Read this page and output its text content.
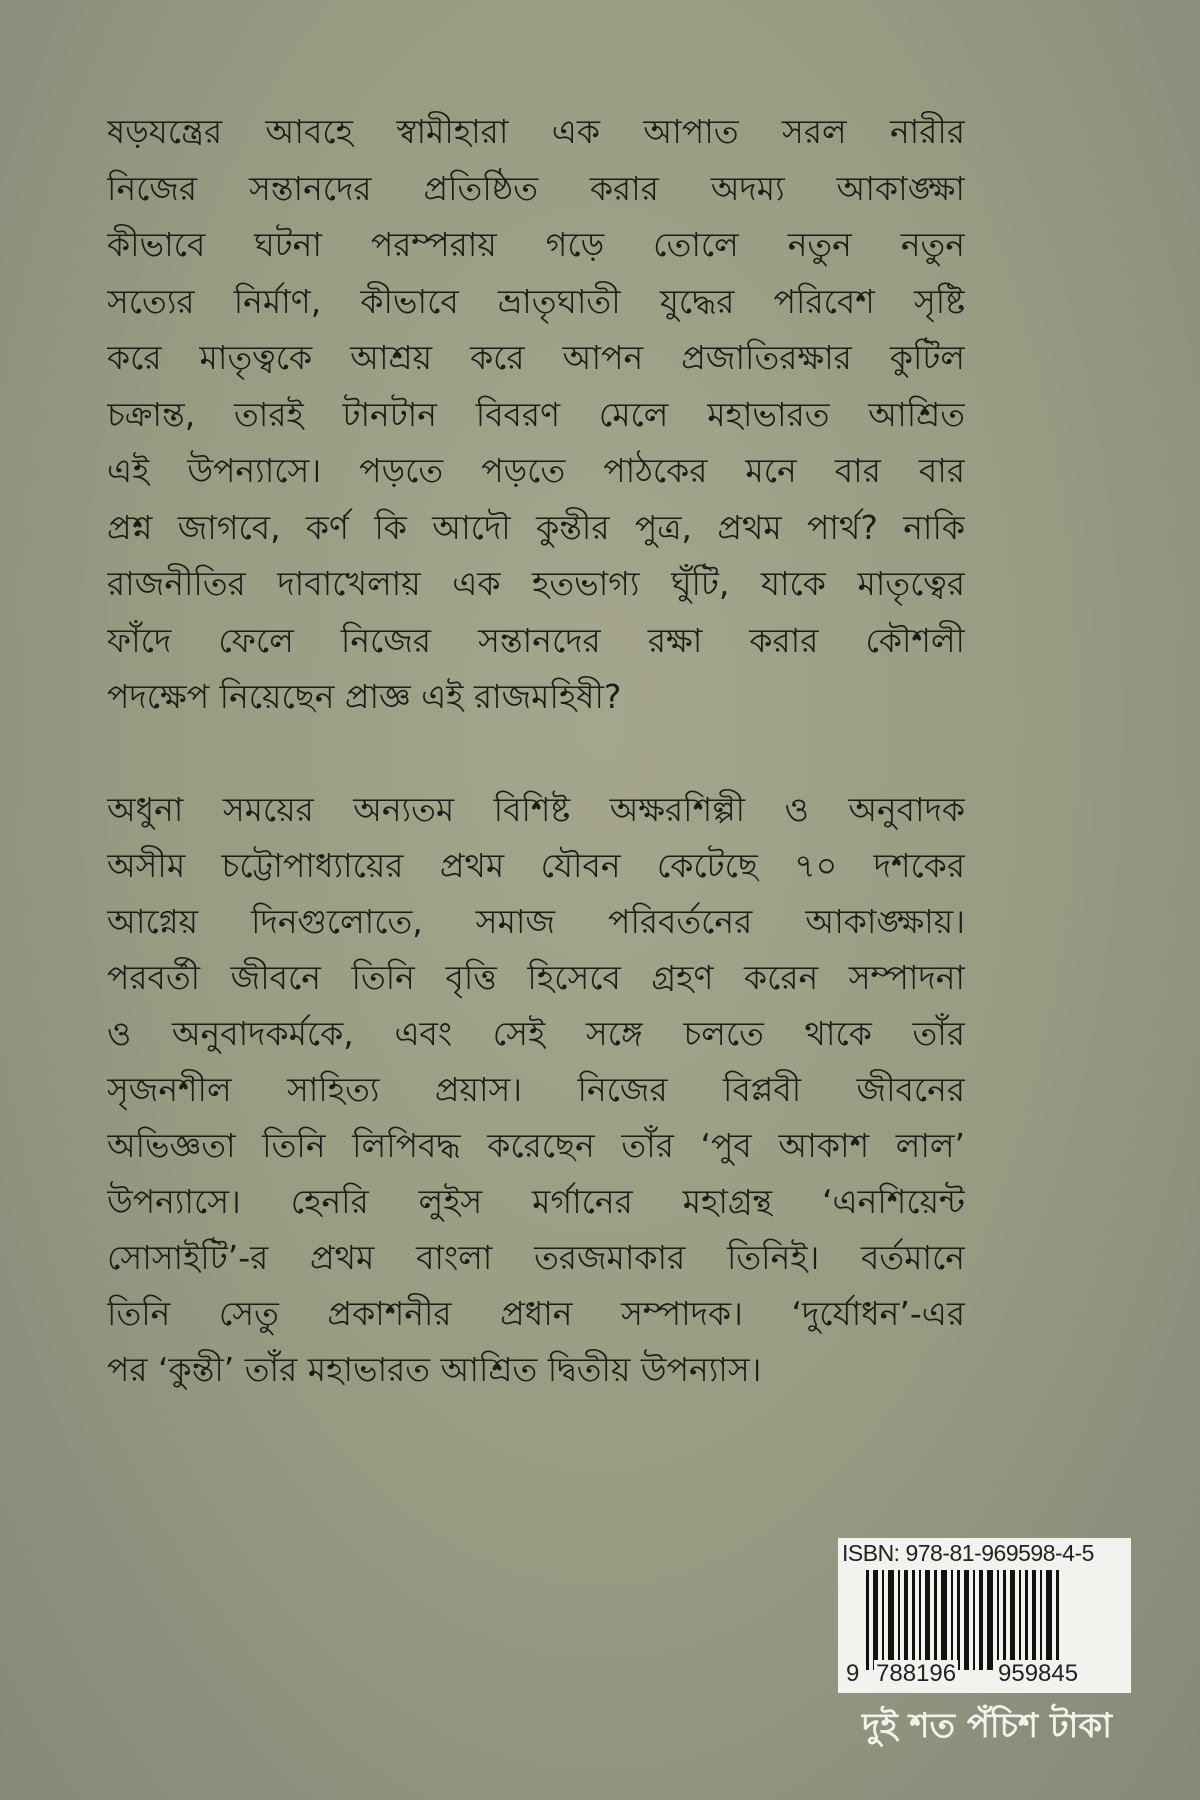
ষড়যন্ত্রের আবহে স্বামীহারা এক আপাত সরল নারীর
নিজের সন্তানদের প্রতিষ্ঠিত করার অদম্য আকাঙ্ক্ষা
কীভাবে ঘটনা পরম্পরায় গড়ে তোলে নতুন নতুন
সত্যের নির্মাণ, কীভাবে ভ্রাতৃঘাতী যুদ্ধের পরিবেশ সৃষ্টি
করে মাতৃত্বকে আশ্রয় করে আপন প্রজাতিরক্ষার কুটিল
চক্রান্ত, তারই টানটান বিবরণ মেলে মহাভারত আশ্রিত
এই উপন্যাসে। পড়তে পড়তে পাঠকের মনে বার বার
প্রশ্ন জাগবে, কর্ণ কি আদৌ কুন্তীর পুত্র, প্রথম পার্থ? নাকি
রাজনীতির দাবাখেলায় এক হতভাগ্য ঘুঁটি, যাকে মাতৃত্বের
ফাঁদে ফেলে নিজের সন্তানদের রক্ষা করার কৌশলী
পদক্ষেপ নিয়েছেন প্রাজ্ঞ এই রাজমহিষী?
অধুনা সময়ের অন্যতম বিশিষ্ট অক্ষরশিল্পী ও অনুবাদক
অসীম চট্টোপাধ্যায়ের প্রথম যৌবন কেটেছে ৭০ দশকের
আগ্নেয় দিনগুলোতে, সমাজ পরিবর্তনের আকাঙ্ক্ষায়।
পরবর্তী জীবনে তিনি বৃত্তি হিসেবে গ্রহণ করেন সম্পাদনা
ও অনুবাদকর্মকে, এবং সেই সঙ্গে চলতে থাকে তাঁর
সৃজনশীল সাহিত্য প্রয়াস। নিজের বিপ্লবী জীবনের
অভিজ্ঞতা তিনি লিপিবদ্ধ করেছেন তাঁর ‘পুব আকাশ লাল’
উপন্যাসে। হেনরি লুইস মর্গানের মহাগ্রন্থ ‘এনশিয়েন্ট
সোসাইটি’-র প্রথম বাংলা তরজমাকার তিনিই। বর্তমানে
তিনি সেতু প্রকাশনীর প্রধান সম্পাদক। ‘দুর্যোধন’-এর
পর ‘কুন্তী’ তাঁর মহাভারত আশ্রিত দ্বিতীয় উপন্যাস।
ISBN: 978-81-969598-4-5
9 788196 959845
দুই শত পঁচিশ টাকা
